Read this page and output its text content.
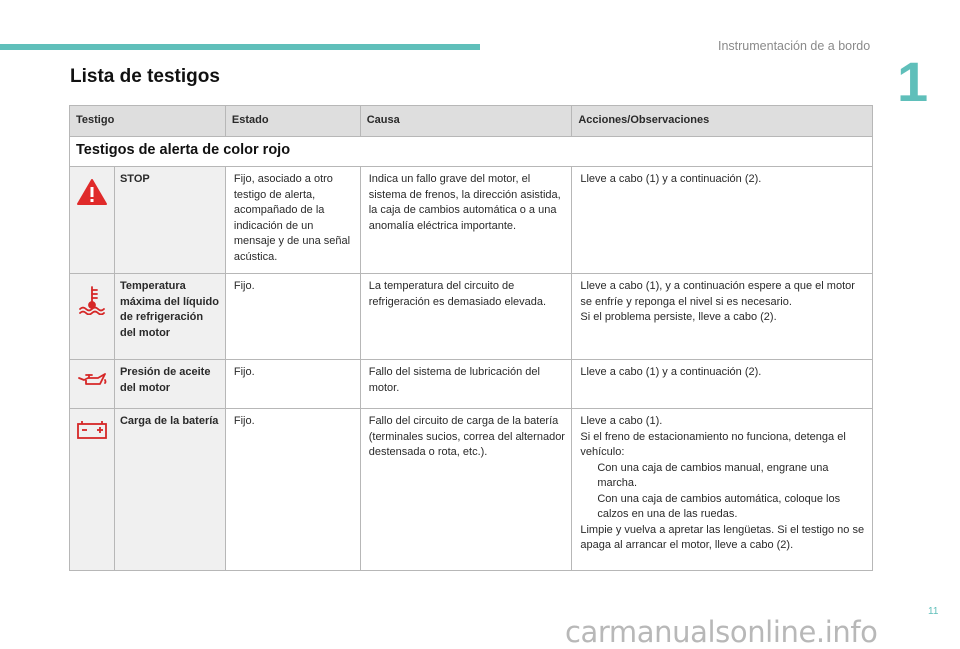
Instrumentación de a bordo
1
Lista de testigos
Testigo		Estado	Causa	Acciones/Observaciones
Testigos de alerta de color rojo				

	STOP	Fijo, asociado a otro testigo de alerta, acompañado de la indicación de un mensaje y de una señal acústica.	Indica un fallo grave del motor, el sistema de frenos, la dirección asistida, la caja de cambios automática o a una anomalía eléctrica importante.	Lleve a cabo (1) y a continuación (2).

	Temperatura máxima del líquido de refrigeración del motor	Fijo.	La temperatura del circuito de refrigeración es demasiado elevada.	Lleve a cabo (1), y a continuación espere a que el motor se enfríe y reponga el nivel si es necesario.
Si el problema persiste, lleve a cabo (2).

	Presión de aceite del motor	Fijo.	Fallo del sistema de lubricación del motor.	Lleve a cabo (1) y a continuación (2).

	Carga de la batería	Fijo.	Fallo del circuito de carga de la batería (terminales sucios, correa del alternador destensada o rota, etc.).	Lleve a cabo (1).
Si el freno de estacionamiento no funciona, detenga el vehículo:
Con una caja de cambios manual, engrane una marcha.
Con una caja de cambios automática, coloque los calzos en una de las ruedas.
Limpie y vuelva a apretar las lengüetas. Si el testigo no se apaga al arrancar el motor, lleve a cabo (2).
11
carmanualsonline.info
